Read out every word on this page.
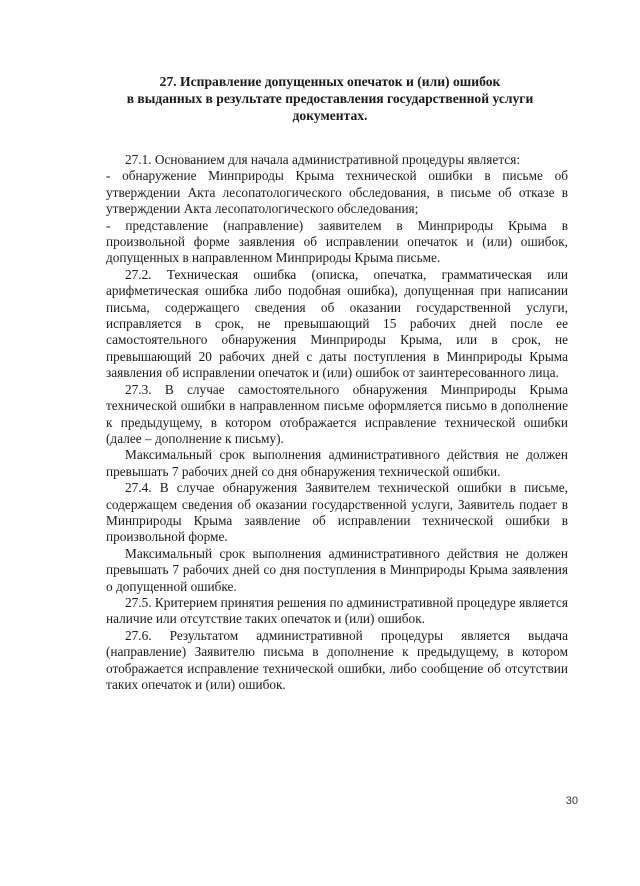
27. Исправление допущенных опечаток и (или) ошибок
в выданных в результате предоставления государственной услуги
документах.

27.1. Основанием для начала административной процедуры является:

- обнаружение Минприроды Крыма технической ошибки в письме об утверждении Акта лесопатологического обследования, в письме об отказе в утверждении Акта лесопатологического обследования;

- представление (направление) заявителем в Минприроды Крыма в произвольной форме заявления об исправлении опечаток и (или) ошибок, допущенных в направленном Минприроды Крыма письме.

27.2. Техническая ошибка (описка, опечатка, грамматическая или арифметическая ошибка либо подобная ошибка), допущенная при написании письма, содержащего сведения об оказании государственной услуги, исправляется в срок, не превышающий 15 рабочих дней после ее самостоятельного обнаружения Минприроды Крыма, или в срок, не превышающий 20 рабочих дней с даты поступления в Минприроды Крыма заявления об исправлении опечаток и (или) ошибок от заинтересованного лица.

27.3. В случае самостоятельного обнаружения Минприроды Крыма технической ошибки в направленном письме оформляется письмо в дополнение к предыдущему, в котором отображается исправление технической ошибки (далее – дополнение к письму).

Максимальный срок выполнения административного действия не должен превышать 7 рабочих дней со дня обнаружения технической ошибки.

27.4. В случае обнаружения Заявителем технической ошибки в письме, содержащем сведения об оказании государственной услуги, Заявитель подает в Минприроды Крыма заявление об исправлении технической ошибки в произвольной форме.

Максимальный срок выполнения административного действия не должен превышать 7 рабочих дней со дня поступления в Минприроды Крыма заявления о допущенной ошибке.

27.5. Критерием принятия решения по административной процедуре является наличие или отсутствие таких опечаток и (или) ошибок.

27.6. Результатом административной процедуры является выдача (направление) Заявителю письма в дополнение к предыдущему, в котором отображается исправление технической ошибки, либо сообщение об отсутствии таких опечаток и (или) ошибок.

30
